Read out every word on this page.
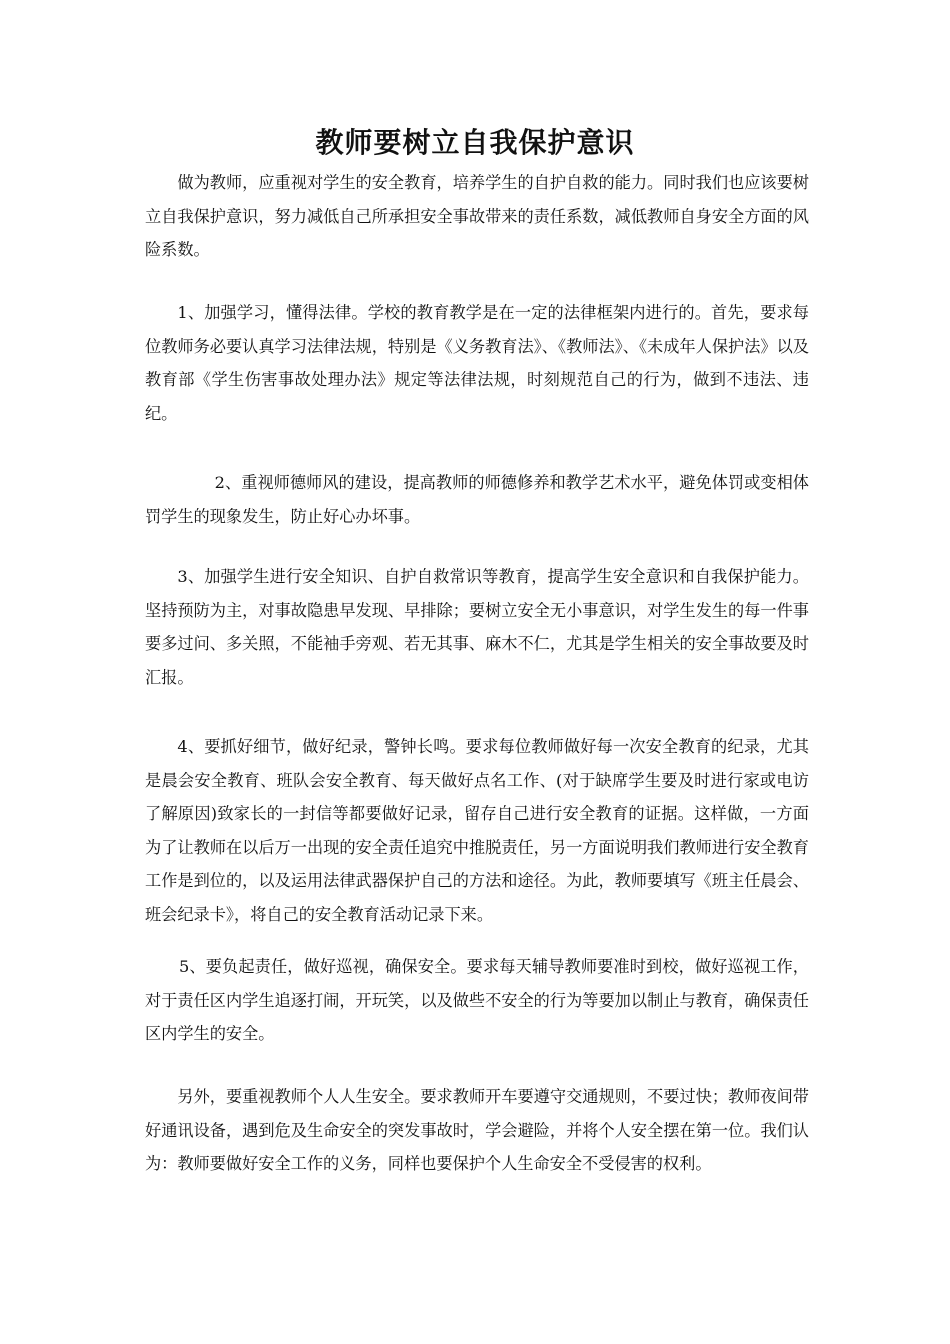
教师要树立自我保护意识

做为教师，应重视对学生的安全教育，培养学生的自护自救的能力。同时我们也应该要树立自我保护意识，努力减低自己所承担安全事故带来的责任系数，减低教师自身安全方面的风险系数。

1、加强学习，懂得法律。学校的教育教学是在一定的法律框架内进行的。首先，要求每位教师务必要认真学习法律法规，特别是《义务教育法》、《教师法》、《未成年人保护法》以及教育部《学生伤害事故处理办法》规定等法律法规，时刻规范自己的行为，做到不违法、违纪。

2、重视师德师风的建设，提高教师的师德修养和教学艺术水平，避免体罚或变相体罚学生的现象发生，防止好心办坏事。

3、加强学生进行安全知识、自护自救常识等教育，提高学生安全意识和自我保护能力。坚持预防为主，对事故隐患早发现、早排除；要树立安全无小事意识，对学生发生的每一件事要多过问、多关照，不能袖手旁观、若无其事、麻木不仁，尤其是学生相关的安全事故要及时汇报。

4、要抓好细节，做好纪录，警钟长鸣。要求每位教师做好每一次安全教育的纪录，尤其是晨会安全教育、班队会安全教育、每天做好点名工作、(对于缺席学生要及时进行家或电访了解原因)致家长的一封信等都要做好记录，留存自己进行安全教育的证据。这样做，一方面为了让教师在以后万一出现的安全责任追究中推脱责任，另一方面说明我们教师进行安全教育工作是到位的，以及运用法律武器保护自己的方法和途径。为此，教师要填写《班主任晨会、班会纪录卡》，将自己的安全教育活动记录下来。

5、要负起责任，做好巡视，确保安全。要求每天辅导教师要准时到校，做好巡视工作，对于责任区内学生追逐打闹，开玩笑，以及做些不安全的行为等要加以制止与教育，确保责任区内学生的安全。

另外，要重视教师个人人生安全。要求教师开车要遵守交通规则，不要过快；教师夜间带好通讯设备，遇到危及生命安全的突发事故时，学会避险，并将个人安全摆在第一位。我们认为：教师要做好安全工作的义务，同样也要保护个人生命安全不受侵害的权利。
